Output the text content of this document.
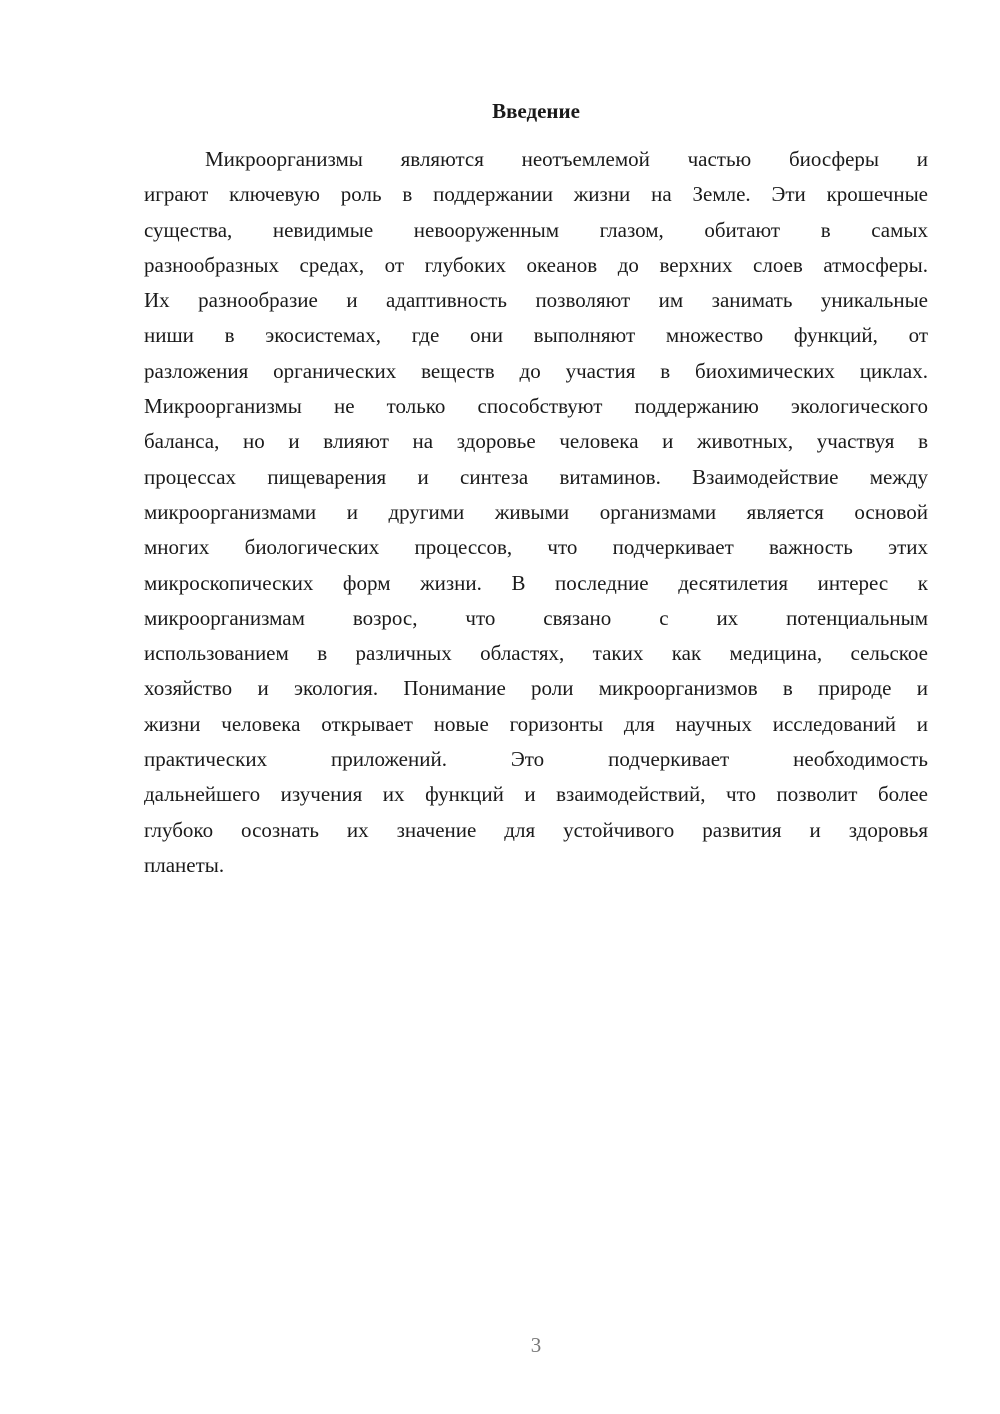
Введение
Микроорганизмы являются неотъемлемой частью биосферы и
играют ключевую роль в поддержании жизни на Земле. Эти крошечные
существа, невидимые невооруженным глазом, обитают в самых
разнообразных средах, от глубоких океанов до верхних слоев атмосферы.
Их разнообразие и адаптивность позволяют им занимать уникальные
ниши в экосистемах, где они выполняют множество функций, от
разложения органических веществ до участия в биохимических циклах.
Микроорганизмы не только способствуют поддержанию экологического
баланса, но и влияют на здоровье человека и животных, участвуя в
процессах пищеварения и синтеза витаминов. Взаимодействие между
микроорганизмами и другими живыми организмами является основой
многих биологических процессов, что подчеркивает важность этих
микроскопических форм жизни. В последние десятилетия интерес к
микроорганизмам возрос, что связано с их потенциальным
использованием в различных областях, таких как медицина, сельское
хозяйство и экология. Понимание роли микроорганизмов в природе и
жизни человека открывает новые горизонты для научных исследований и
практических приложений. Это подчеркивает необходимость
дальнейшего изучения их функций и взаимодействий, что позволит более
глубоко осознать их значение для устойчивого развития и здоровья
планеты.
3
